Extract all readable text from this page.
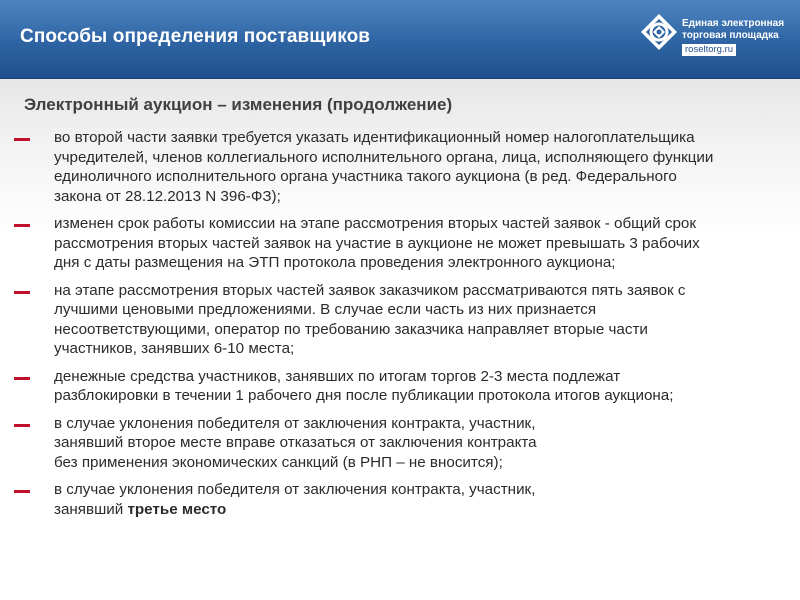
Способы определения поставщиков
Единая электронная
торговая площадка
roseltorg.ru
Электронный аукцион – изменения (продолжение)
во второй части заявки требуется указать идентификационный номер налогоплательщика
учредителей, членов коллегиального исполнительного органа, лица, исполняющего функции
единоличного исполнительного органа участника такого аукциона (в ред. Федерального
закона от 28.12.2013 N 396-ФЗ);
изменен срок работы комиссии на этапе рассмотрения вторых частей заявок - общий срок
рассмотрения вторых частей заявок на участие в аукционе не может превышать 3 рабочих
дня с даты размещения на ЭТП протокола проведения электронного аукциона;
на этапе рассмотрения вторых частей заявок заказчиком рассматриваются пять заявок с
лучшими ценовыми предложениями. В случае если часть из них признается
несоответствующими, оператор по требованию заказчика направляет вторые части
участников, занявших 6-10 места;
денежные средства участников, занявших по итогам торгов 2-3 места подлежат
разблокировки в течении 1 рабочего дня после публикации протокола итогов аукциона;
в случае уклонения победителя от заключения контракта, участник,
занявший второе месте вправе отказаться от заключения контракта
без применения экономических санкций (в РНП – не вносится);
в случае уклонения победителя от заключения контракта, участник,
занявший третье место
